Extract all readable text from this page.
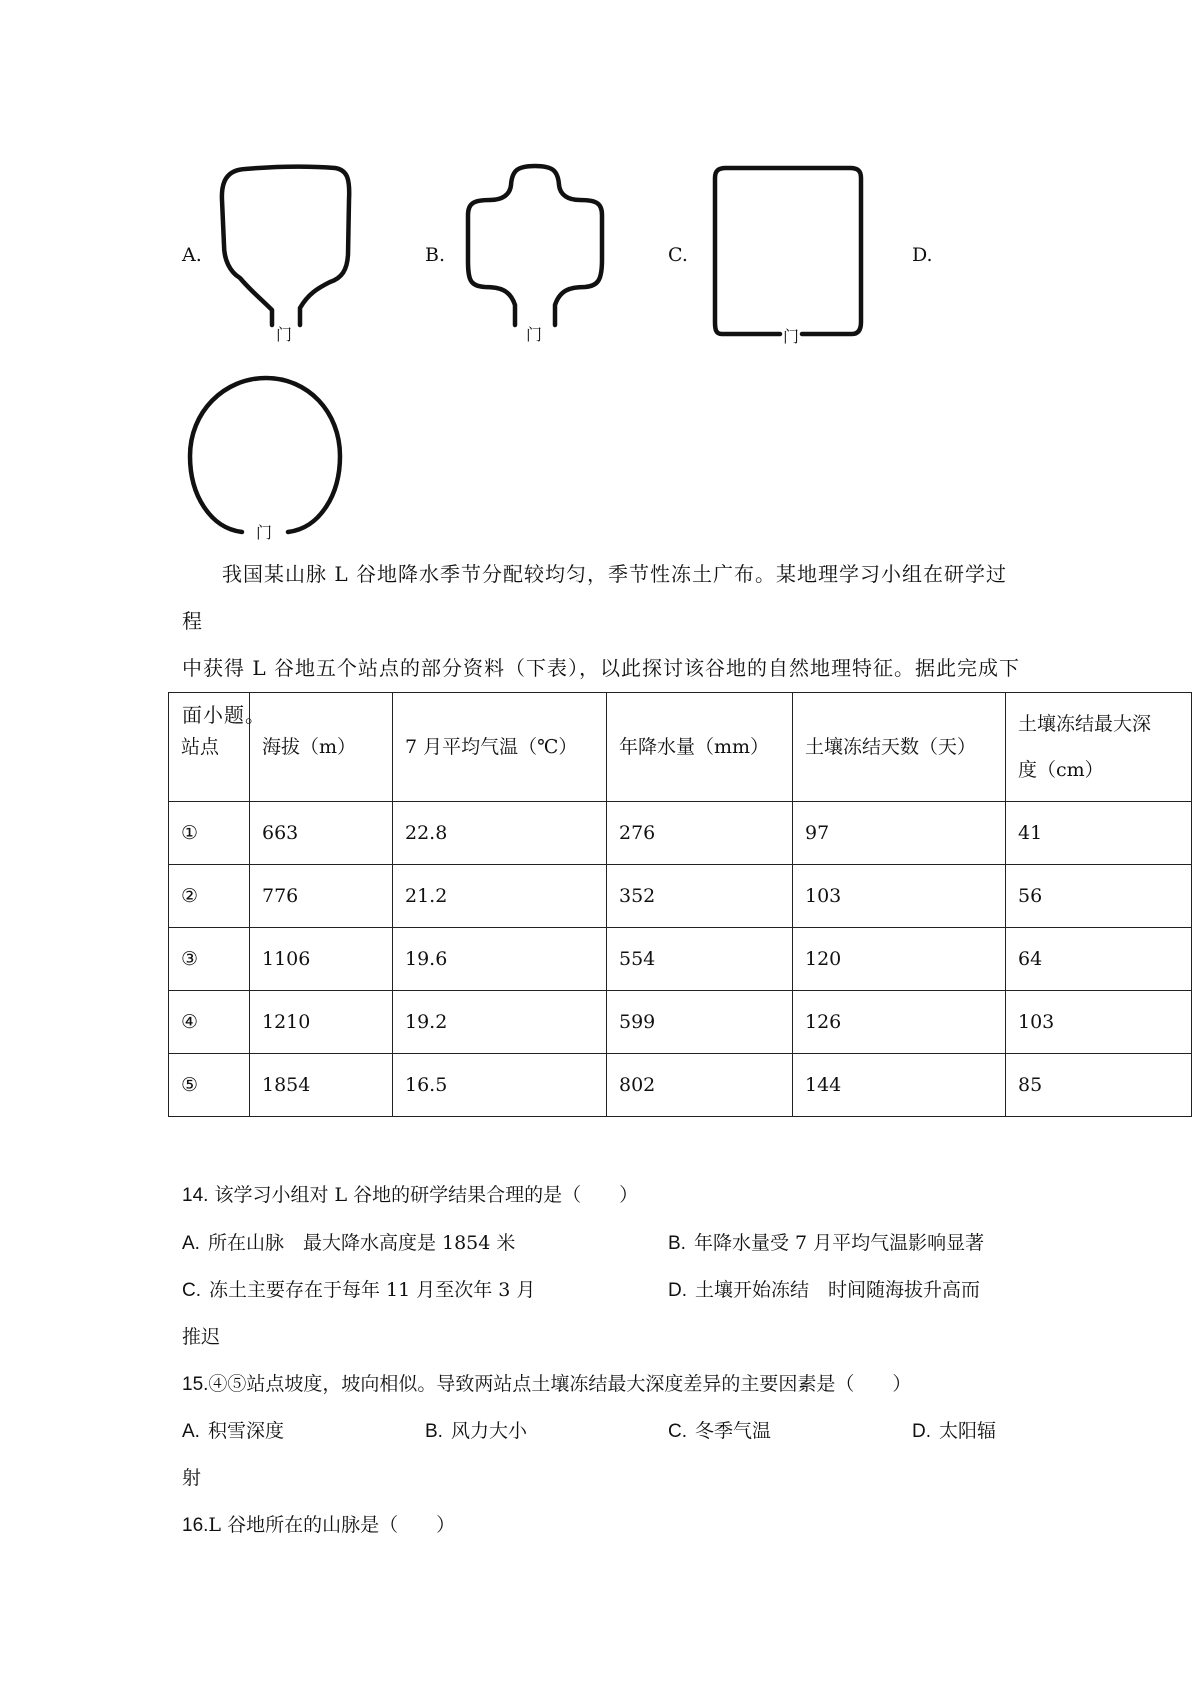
A.	B.	C.	D.
门	门	门
门
我国某山脉 L 谷地降水季节分配较均匀，季节性冻土广布。某地理学习小组在研学过程
中获得 L 谷地五个站点的部分资料（下表），以此探讨该谷地的自然地理特征。据此完成下
面小题。
站点	海拔（m）	7 月平均气温（℃）	年降水量（mm）	土壤冻结天数（天）	土壤冻结最大深
度（cm）

①	663	22.8	276	97	41
②	776	21.2	352	103	56
③	1106	19.6	554	120	64
④	1210	19.2	599	126	103
⑤	1854	16.5	802	144	85
14. 该学习小组对 L 谷地的研学结果合理的是（　　）
A. 所在山脉　最大降水高度是 1854 米	B. 年降水量受 7 月平均气温影响显著
C. 冻土主要存在于每年 11 月至次年 3 月	D. 土壤开始冻结　时间随海拔升高而
推迟
15.④⑤站点坡度，坡向相似。导致两站点土壤冻结最大深度差异的主要因素是（　　）
A. 积雪深度	B. 风力大小	C. 冬季气温	D. 太阳辐
射
16.L 谷地所在的山脉是（　　）
